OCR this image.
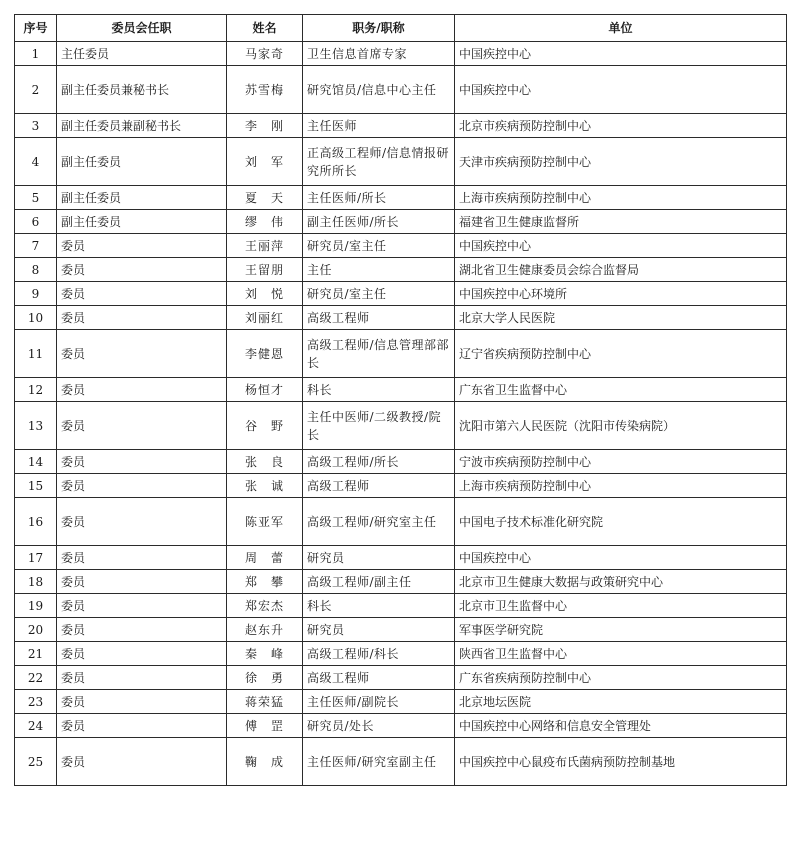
序号	委员会任职	姓名	职务/职称	单位
1	主任委员	马家奇	卫生信息首席专家	中国疾控中心
2	副主任委员兼秘书长	苏雪梅	研究馆员/信息中心主任	中国疾控中心
3	副主任委员兼副秘书长	李　刚	主任医师	北京市疾病预防控制中心
4	副主任委员	刘　军	正高级工程师/信息情报研究所所长	天津市疾病预防控制中心
5	副主任委员	夏　天	主任医师/所长	上海市疾病预防控制中心
6	副主任委员	缪　伟	副主任医师/所长	福建省卫生健康监督所
7	委员	王丽萍	研究员/室主任	中国疾控中心
8	委员	王留朋	主任	湖北省卫生健康委员会综合监督局
9	委员	刘　悦	研究员/室主任	中国疾控中心环境所
10	委员	刘丽红	高级工程师	北京大学人民医院
11	委员	李健恩	高级工程师/信息管理部部长	辽宁省疾病预防控制中心
12	委员	杨恒才	科长	广东省卫生监督中心
13	委员	谷　野	主任中医师/二级教授/院长	沈阳市第六人民医院（沈阳市传染病院）
14	委员	张　良	高级工程师/所长	宁波市疾病预防控制中心
15	委员	张　诚	高级工程师	上海市疾病预防控制中心
16	委员	陈亚军	高级工程师/研究室主任	中国电子技术标准化研究院
17	委员	周　蕾	研究员	中国疾控中心
18	委员	郑　攀	高级工程师/副主任	北京市卫生健康大数据与政策研究中心
19	委员	郑宏杰	科长	北京市卫生监督中心
20	委员	赵东升	研究员	军事医学研究院
21	委员	秦　峰	高级工程师/科长	陕西省卫生监督中心
22	委员	徐　勇	高级工程师	广东省疾病预防控制中心
23	委员	蒋荣猛	主任医师/副院长	北京地坛医院
24	委员	傅　罡	研究员/处长	中国疾控中心网络和信息安全管理处
25	委员	鞠　成	主任医师/研究室副主任	中国疾控中心鼠疫布氏菌病预防控制基地
